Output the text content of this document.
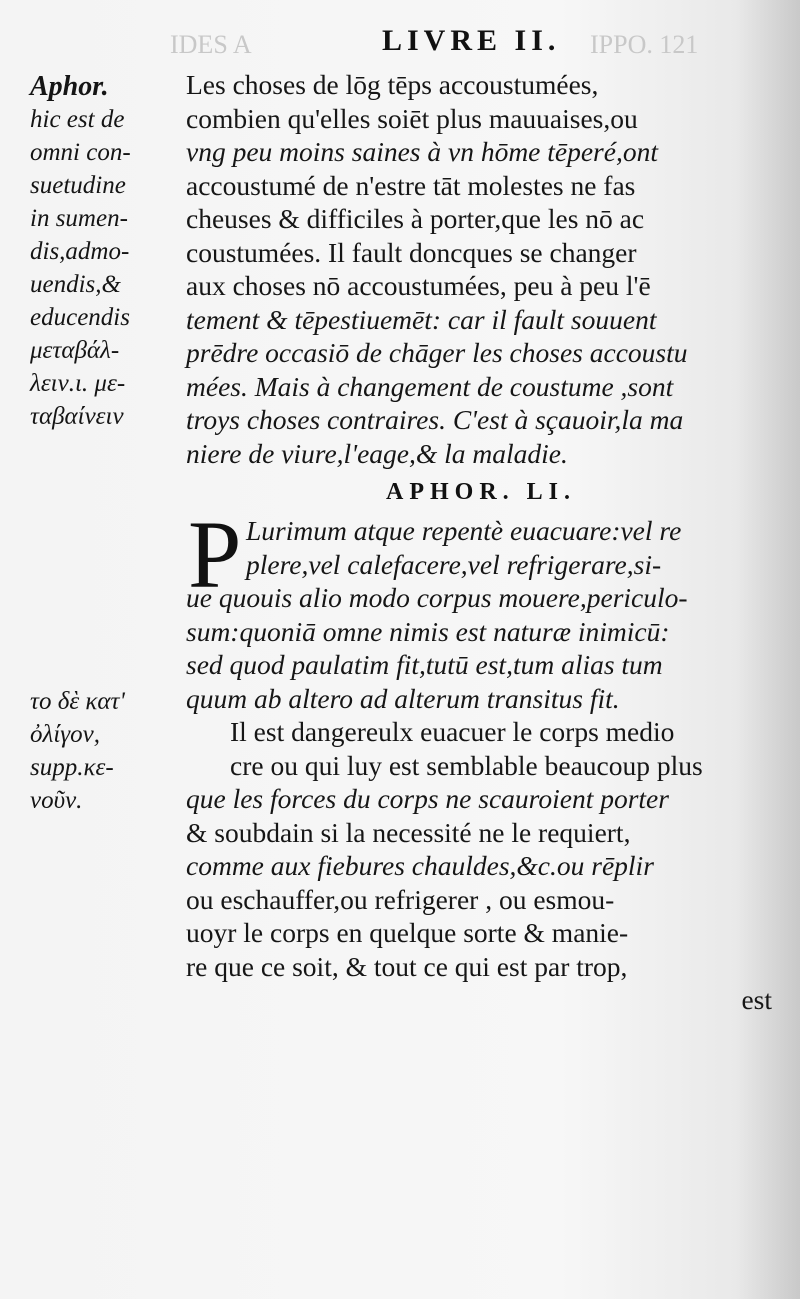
IDES A	LIVRE II. IPPO. 121
Aphor.
hic est de
omni con-
suetudine
in sumen-
dis,admo-
uendis,&
educendis
μεταβάλ-
λειν.ι. με-
ταβαίνειν
το δὲ κατ'
ὀλίγον,
supp.κε-
νοῦν.
Les choses de lōg tēps accoustumées,
combien qu'elles soiēt plus mauuaises,ou
vng peu moins saines à vn hōme tēperé,ont
accoustumé de n'estre tāt molestes ne fas
cheuses & difficiles à porter,que les nō ac
coustumées. Il fault doncques se changer
aux choses nō accoustumées, peu à peu l'ē
tement & tēpestiuemēt: car il fault souuent
prēdre occasiō de chāger les choses accoustu
mées. Mais à changement de coustume ,sont
troys choses contraires. C'est à sçauoir,la ma
niere de viure,l'eage,& la maladie.
APHOR. LI.
P Lurimum atque repentè euacuare:vel re
plere,vel calefacere,vel refrigerare,si-
ue quouis alio modo corpus mouere,periculo-
sum:quoniā omne nimis est naturæ inimicū:
sed quod paulatim fit,tutū est,tum alias tum
quum ab altero ad alterum transitus fit.
Il est dangereulx euacuer le corps medio
cre ou qui luy est semblable beaucoup plus
que les forces du corps ne scauroient porter
& soubdain si la necessité ne le requiert,
comme aux fiebures chauldes,&c.ou rēplir
ou eschauffer,ou refrigerer , ou esmou-
uoyr le corps en quelque sorte & manie-
re que ce soit, & tout ce qui est par trop,
est
